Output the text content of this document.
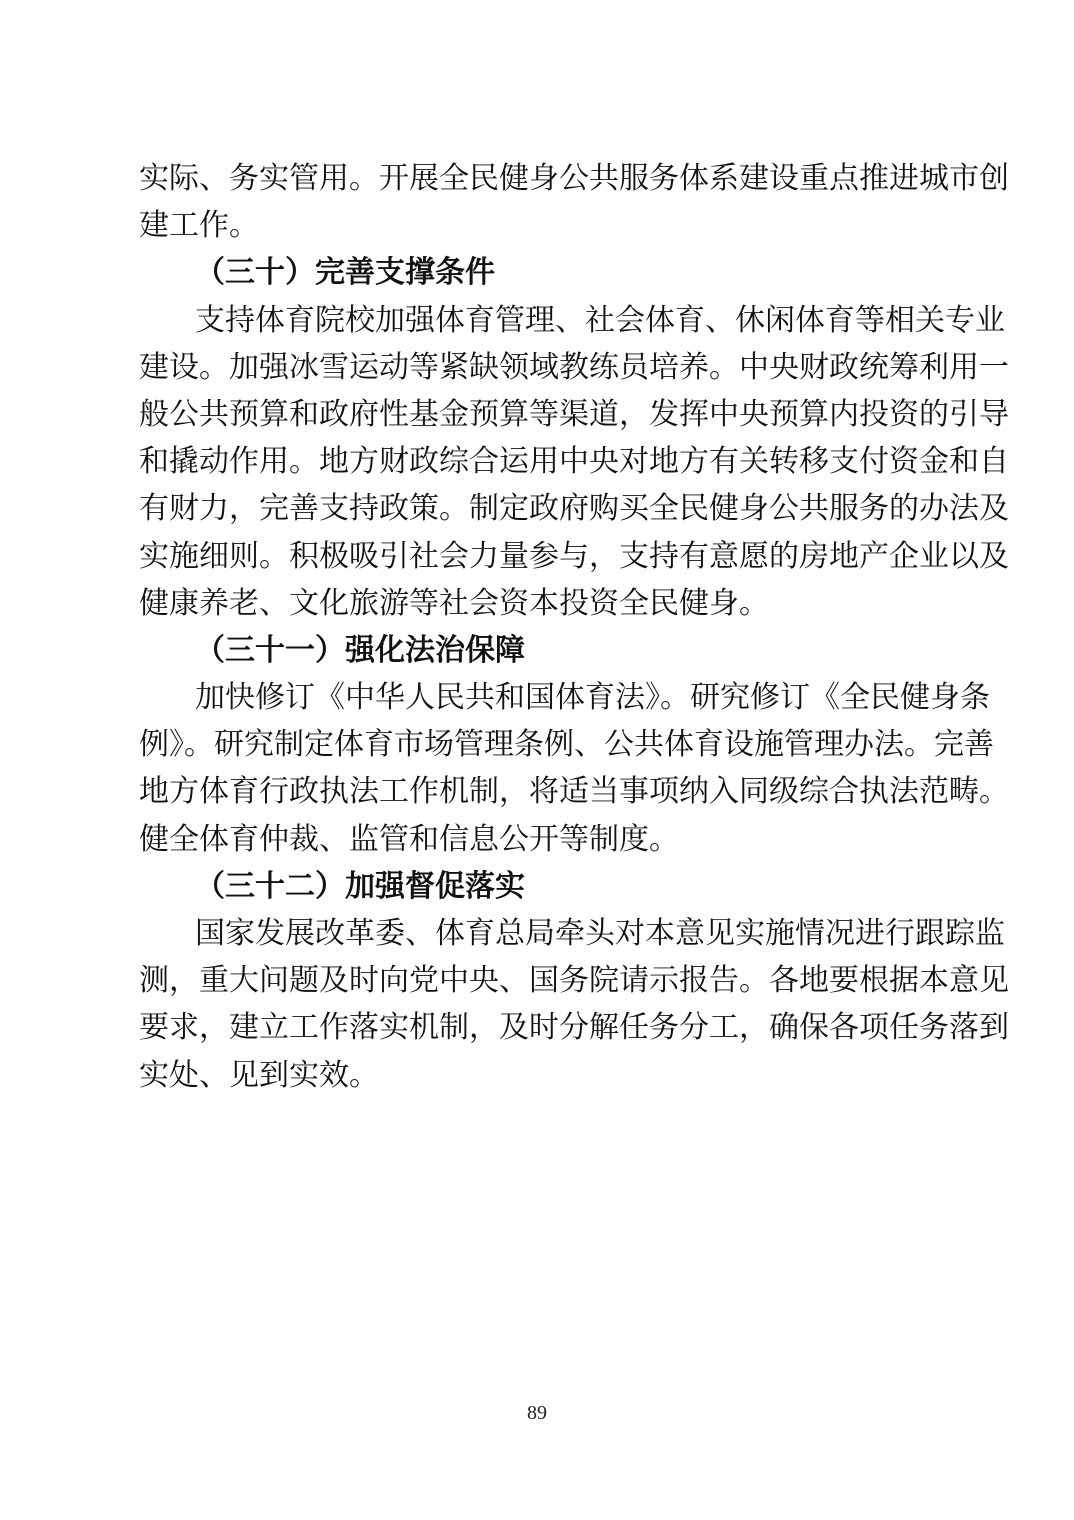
实际、务实管用。开展全民健身公共服务体系建设重点推进城市创
建工作。
（三十）完善支撑条件
支持体育院校加强体育管理、社会体育、休闲体育等相关专业
建设。加强冰雪运动等紧缺领域教练员培养。中央财政统筹利用一
般公共预算和政府性基金预算等渠道，发挥中央预算内投资的引导
和撬动作用。地方财政综合运用中央对地方有关转移支付资金和自
有财力，完善支持政策。制定政府购买全民健身公共服务的办法及
实施细则。积极吸引社会力量参与，支持有意愿的房地产企业以及
健康养老、文化旅游等社会资本投资全民健身。
（三十一）强化法治保障
加快修订《中华人民共和国体育法》。研究修订《全民健身条
例》。研究制定体育市场管理条例、公共体育设施管理办法。完善
地方体育行政执法工作机制，将适当事项纳入同级综合执法范畴。
健全体育仲裁、监管和信息公开等制度。
（三十二）加强督促落实
国家发展改革委、体育总局牵头对本意见实施情况进行跟踪监
测，重大问题及时向党中央、国务院请示报告。各地要根据本意见
要求，建立工作落实机制，及时分解任务分工，确保各项任务落到
实处、见到实效。
89
